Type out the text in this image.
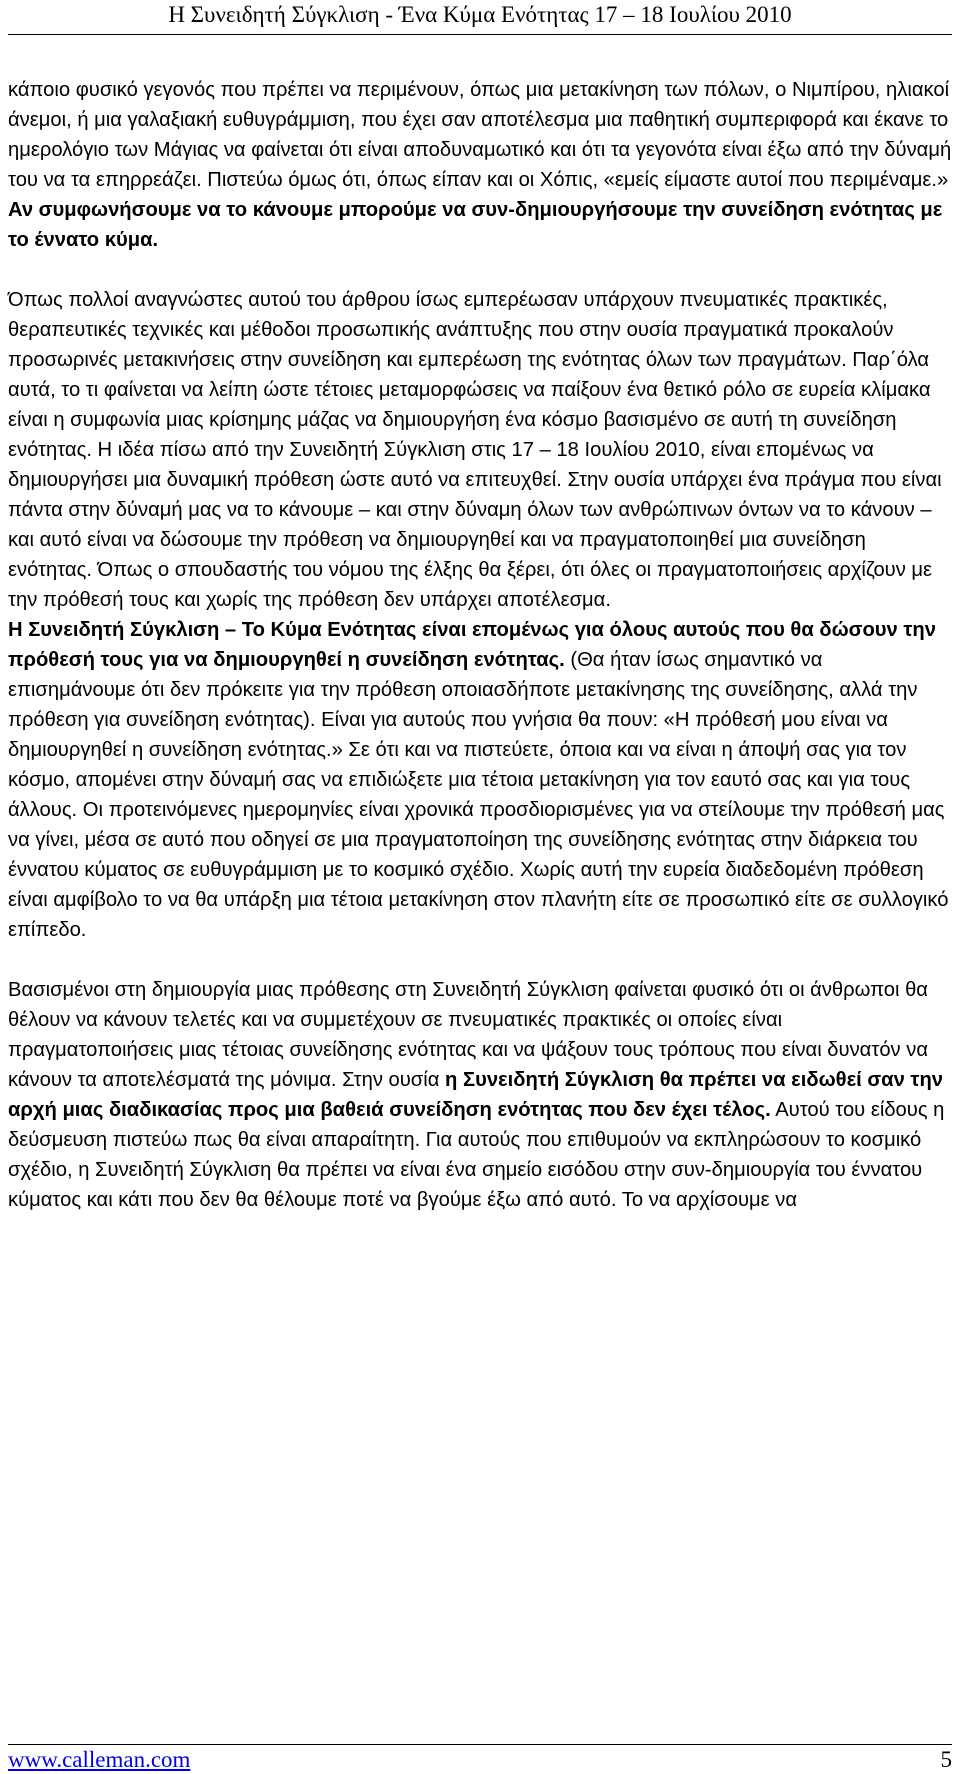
Η Συνειδητή Σύγκλιση - Ένα Κύμα Ενότητας 17 – 18 Ιουλίου 2010

κάποιο φυσικό γεγονός που πρέπει να περιμένουν, όπως μια μετακίνηση των πόλων, ο Νιμπίρου, ηλιακοί άνεμοι, ή μια γαλαξιακή ευθυγράμμιση, που έχει σαν αποτέλεσμα μια παθητική συμπεριφορά και έκανε το ημερολόγιο των Μάγιας να φαίνεται ότι είναι αποδυναμωτικό και ότι τα γεγονότα είναι έξω από την δύναμή του να τα επηρρεάζει. Πιστεύω όμως ότι, όπως είπαν και οι Χόπις, «εμείς είμαστε αυτοί που περιμέναμε.» Αν συμφωνήσουμε να το κάνουμε μπορούμε να συν-δημιουργήσουμε την συνείδηση ενότητας με το έννατο κύμα.

Όπως πολλοί αναγνώστες αυτού του άρθρου ίσως εμπερέωσαν υπάρχουν πνευματικές πρακτικές, θεραπευτικές τεχνικές και μέθοδοι προσωπικής ανάπτυξης που στην ουσία πραγματικά προκαλούν προσωρινές μετακινήσεις στην συνείδηση και εμπερέωση της ενότητας όλων των πραγμάτων. Παρ΄όλα αυτά, το τι φαίνεται να λείπη ώστε τέτοιες μεταμορφώσεις να παίξουν ένα θετικό ρόλο σε ευρεία κλίμακα είναι η συμφωνία μιας κρίσημης μάζας να δημιουργήση ένα κόσμο βασισμένο σε αυτή τη συνείδηση ενότητας. Η ιδέα πίσω από την Συνειδητή Σύγκλιση στις 17 – 18 Ιουλίου 2010, είναι επομένως να δημιουργήσει μια δυναμική πρόθεση ώστε αυτό να επιτευχθεί. Στην ουσία υπάρχει ένα πράγμα που είναι πάντα στην δύναμή μας να το κάνουμε – και στην δύναμη όλων των ανθρώπινων όντων να το κάνουν – και αυτό είναι να δώσουμε την πρόθεση να δημιουργηθεί και να πραγματοποιηθεί μια συνείδηση ενότητας. Όπως ο σπουδαστής του νόμου της έλξης θα ξέρει, ότι όλες οι πραγματοποιήσεις αρχίζουν με την πρόθεσή τους και χωρίς της πρόθεση δεν υπάρχει αποτέλεσμα.

Η Συνειδητή Σύγκλιση – Το Κύμα Ενότητας είναι επομένως για όλους αυτούς που θα δώσουν την πρόθεσή τους για να δημιουργηθεί η συνείδηση ενότητας. (Θα ήταν ίσως σημαντικό να επισημάνουμε ότι δεν πρόκειτε για την πρόθεση οποιασδήποτε μετακίνησης της συνείδησης, αλλά την πρόθεση για συνείδηση ενότητας). Είναι για αυτούς που γνήσια θα πουν: «Η πρόθεσή μου είναι να δημιουργηθεί η συνείδηση ενότητας.» Σε ότι και να πιστεύετε, όποια και να είναι η άποψή σας για τον κόσμο, απομένει στην δύναμή σας να επιδιώξετε μια τέτοια μετακίνηση για τον εαυτό σας και για τους άλλους. Οι προτεινόμενες ημερομηνίες είναι χρονικά προσδιορισμένες για να στείλουμε την πρόθεσή μας να γίνει, μέσα σε αυτό που οδηγεί σε μια πραγματοποίηση της συνείδησης ενότητας στην διάρκεια του έννατου κύματος σε ευθυγράμμιση με το κοσμικό σχέδιο. Χωρίς αυτή την ευρεία διαδεδομένη πρόθεση είναι αμφίβολο το να θα υπάρξη μια τέτοια μετακίνηση στον πλανήτη είτε σε προσωπικό είτε σε συλλογικό επίπεδο.

Βασισμένοι στη δημιουργία μιας πρόθεσης στη Συνειδητή Σύγκλιση φαίνεται φυσικό ότι οι άνθρωποι θα θέλουν να κάνουν τελετές και να συμμετέχουν σε πνευματικές πρακτικές οι οποίες είναι πραγματοποιήσεις μιας τέτοιας συνείδησης ενότητας και να ψάξουν τους τρόπους που είναι δυνατόν να κάνουν τα αποτελέσματά της μόνιμα. Στην ουσία η Συνειδητή Σύγκλιση θα πρέπει να ειδωθεί σαν την αρχή μιας διαδικασίας προς μια βαθειά συνείδηση ενότητας που δεν έχει τέλος. Αυτού του είδους η δεύσμευση πιστεύω πως θα είναι απαραίτητη. Για αυτούς που επιθυμούν να εκπληρώσουν το κοσμικό σχέδιο, η Συνειδητή Σύγκλιση θα πρέπει να είναι ένα σημείο εισόδου στην συν-δημιουργία του έννατου κύματος και κάτι που δεν θα θέλουμε ποτέ να βγούμε έξω από αυτό. Το να αρχίσουμε να

www.calleman.com	5
